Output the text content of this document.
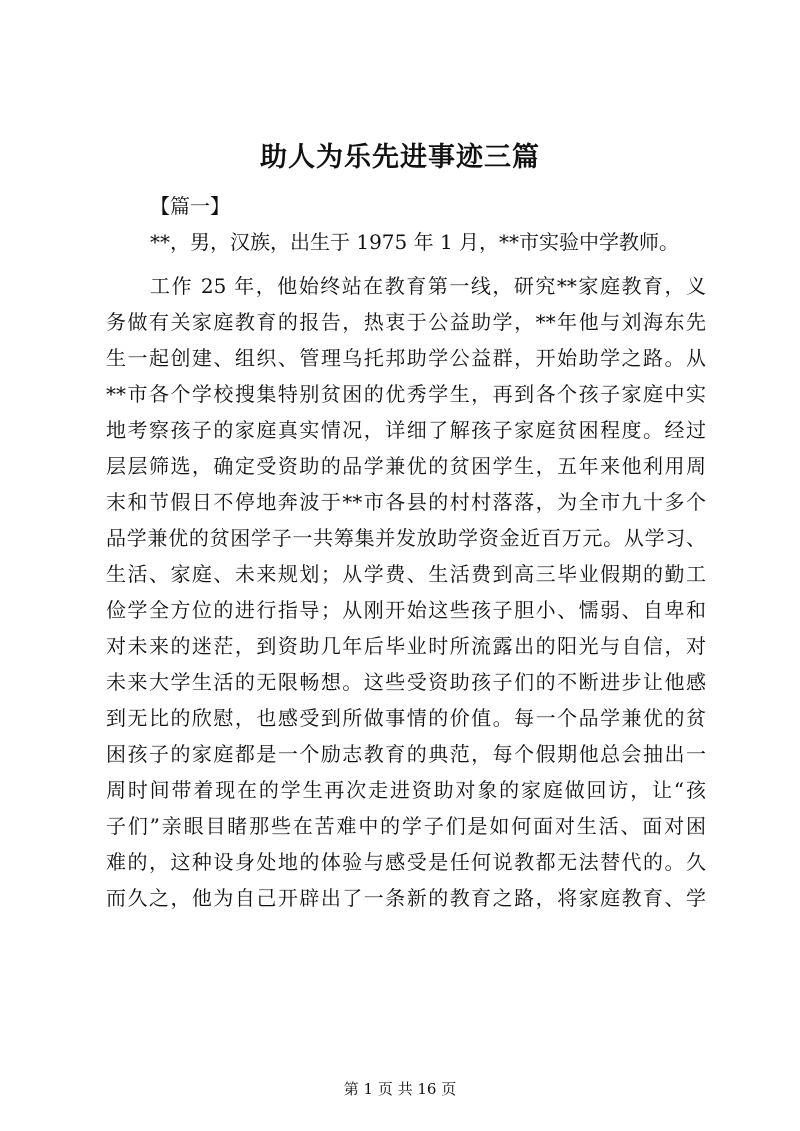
助人为乐先进事迹三篇
【篇一】
**，男，汉族，出生于 1975 年 1 月，**市实验中学教师。
工作 25 年，他始终站在教育第一线，研究**家庭教育，义
务做有关家庭教育的报告，热衷于公益助学，**年他与刘海东先
生一起创建、组织、管理乌托邦助学公益群，开始助学之路。从
**市各个学校搜集特别贫困的优秀学生，再到各个孩子家庭中实
地考察孩子的家庭真实情况，详细了解孩子家庭贫困程度。经过
层层筛选，确定受资助的品学兼优的贫困学生，五年来他利用周
末和节假日不停地奔波于**市各县的村村落落，为全市九十多个
品学兼优的贫困学子一共筹集并发放助学资金近百万元。从学习、
生活、家庭、未来规划；从学费、生活费到高三毕业假期的勤工
俭学全方位的进行指导；从刚开始这些孩子胆小、懦弱、自卑和
对未来的迷茫，到资助几年后毕业时所流露出的阳光与自信，对
未来大学生活的无限畅想。这些受资助孩子们的不断进步让他感
到无比的欣慰，也感受到所做事情的价值。每一个品学兼优的贫
困孩子的家庭都是一个励志教育的典范，每个假期他总会抽出一
周时间带着现在的学生再次走进资助对象的家庭做回访，让“孩
子们”亲眼目睹那些在苦难中的学子们是如何面对生活、面对困
难的，这种设身处地的体验与感受是任何说教都无法替代的。久
而久之，他为自己开辟出了一条新的教育之路，将家庭教育、学
第 1 页 共 16 页
